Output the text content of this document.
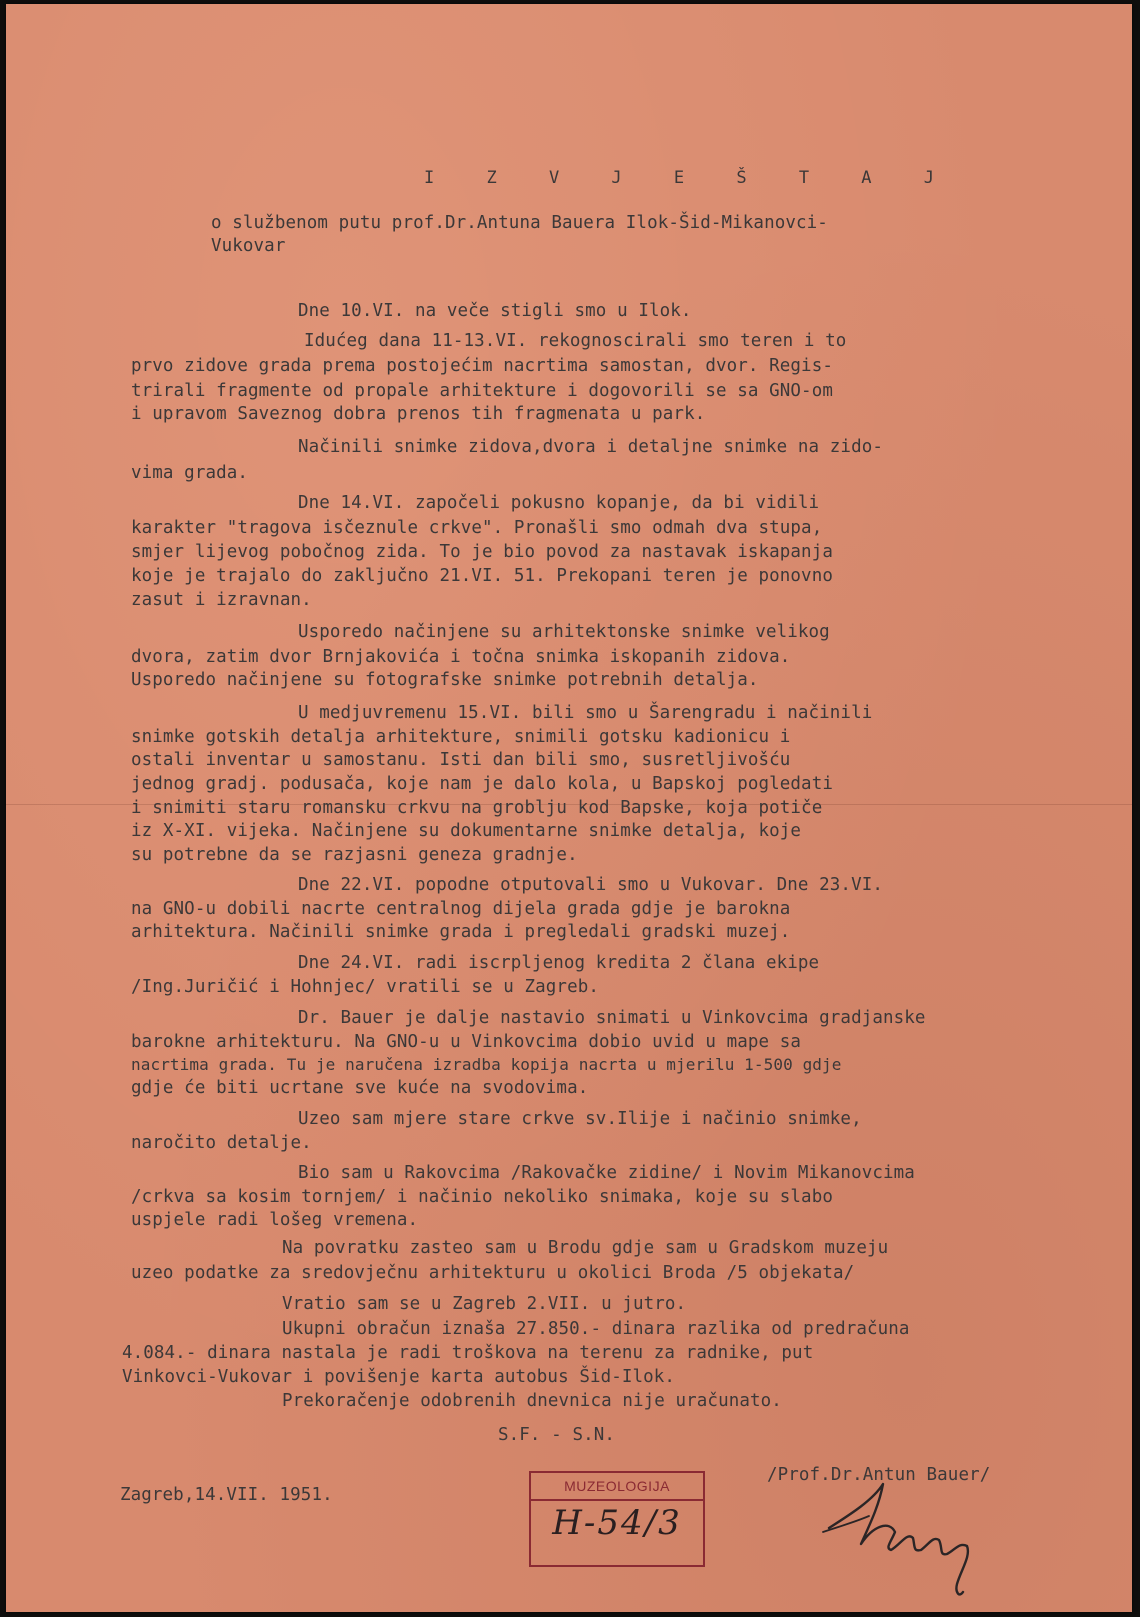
I Z V J E Š T A J
o službenom putu prof.Dr.Antuna Bauera Ilok-Šid-Mikanovci-
Vukovar
Dne 10.VI. na veče stigli smo u Ilok.
Idućeg dana 11-13.VI. rekognoscirali smo teren i to
prvo zidove grada prema postojećim nacrtima samostan, dvor. Regis-
trirali fragmente od propale arhitekture i dogovorili se sa GNO-om
i upravom Saveznog dobra prenos tih fragmenata u park.
Načinili snimke zidova,dvora i detaljne snimke na zido-
vima grada.
Dne 14.VI. započeli pokusno kopanje, da bi vidili
karakter "tragova isčeznule crkve". Pronašli smo odmah dva stupa,
smjer lijevog pobočnog zida. To je bio povod za nastavak iskapanja
koje je trajalo do zaključno 21.VI. 51. Prekopani teren je ponovno
zasut i izravnan.
Usporedo načinjene su arhitektonske snimke velikog
dvora, zatim dvor Brnjakovića i točna snimka iskopanih zidova.
Usporedo načinjene su fotografske snimke potrebnih detalja.
U medjuvremenu 15.VI. bili smo u Šarengradu i načinili
snimke gotskih detalja arhitekture, snimili gotsku kadionicu i
ostali inventar u samostanu. Isti dan bili smo, susretljivošću
jednog gradj. podusača, koje nam je dalo kola, u Bapskoj pogledati
i snimiti staru romansku crkvu na groblju kod Bapske, koja potiče
iz X-XI. vijeka. Načinjene su dokumentarne snimke detalja, koje
su potrebne da se razjasni geneza gradnje.
Dne 22.VI. popodne otputovali smo u Vukovar. Dne 23.VI.
na GNO-u dobili nacrte centralnog dijela grada gdje je barokna
arhitektura. Načinili snimke grada i pregledali gradski muzej.
Dne 24.VI. radi iscrpljenog kredita 2 člana ekipe
/Ing.Juričić i Hohnjec/ vratili se u Zagreb.
Dr. Bauer je dalje nastavio snimati u Vinkovcima gradjanske
barokne arhitekturu. Na GNO-u u Vinkovcima dobio uvid u mape sa
nacrtima grada. Tu je naručena izradba kopija nacrta u mjerilu 1-500 gdje
gdje će biti ucrtane sve kuće na svodovima.
Uzeo sam mjere stare crkve sv.Ilije i načinio snimke,
naročito detalje.
Bio sam u Rakovcima /Rakovačke zidine/ i Novim Mikanovcima
/crkva sa kosim tornjem/ i načinio nekoliko snimaka, koje su slabo
uspjele radi lošeg vremena.
Na povratku zasteo sam u Brodu gdje sam u Gradskom muzeju
uzeo podatke za sredovječnu arhitekturu u okolici Broda /5 objekata/
Vratio sam se u Zagreb 2.VII. u jutro.
Ukupni obračun iznaša 27.850.- dinara razlika od predračuna
4.084.- dinara nastala je radi troškova na terenu za radnike, put
Vinkovci-Vukovar i povišenje karta autobus Šid-Ilok.
Prekoračenje odobrenih dnevnica nije uračunato.
S.F. - S.N.
Zagreb,14.VII. 1951.
/Prof.Dr.Antun Bauer/
MUZEOLOGIJA
H-54/3
